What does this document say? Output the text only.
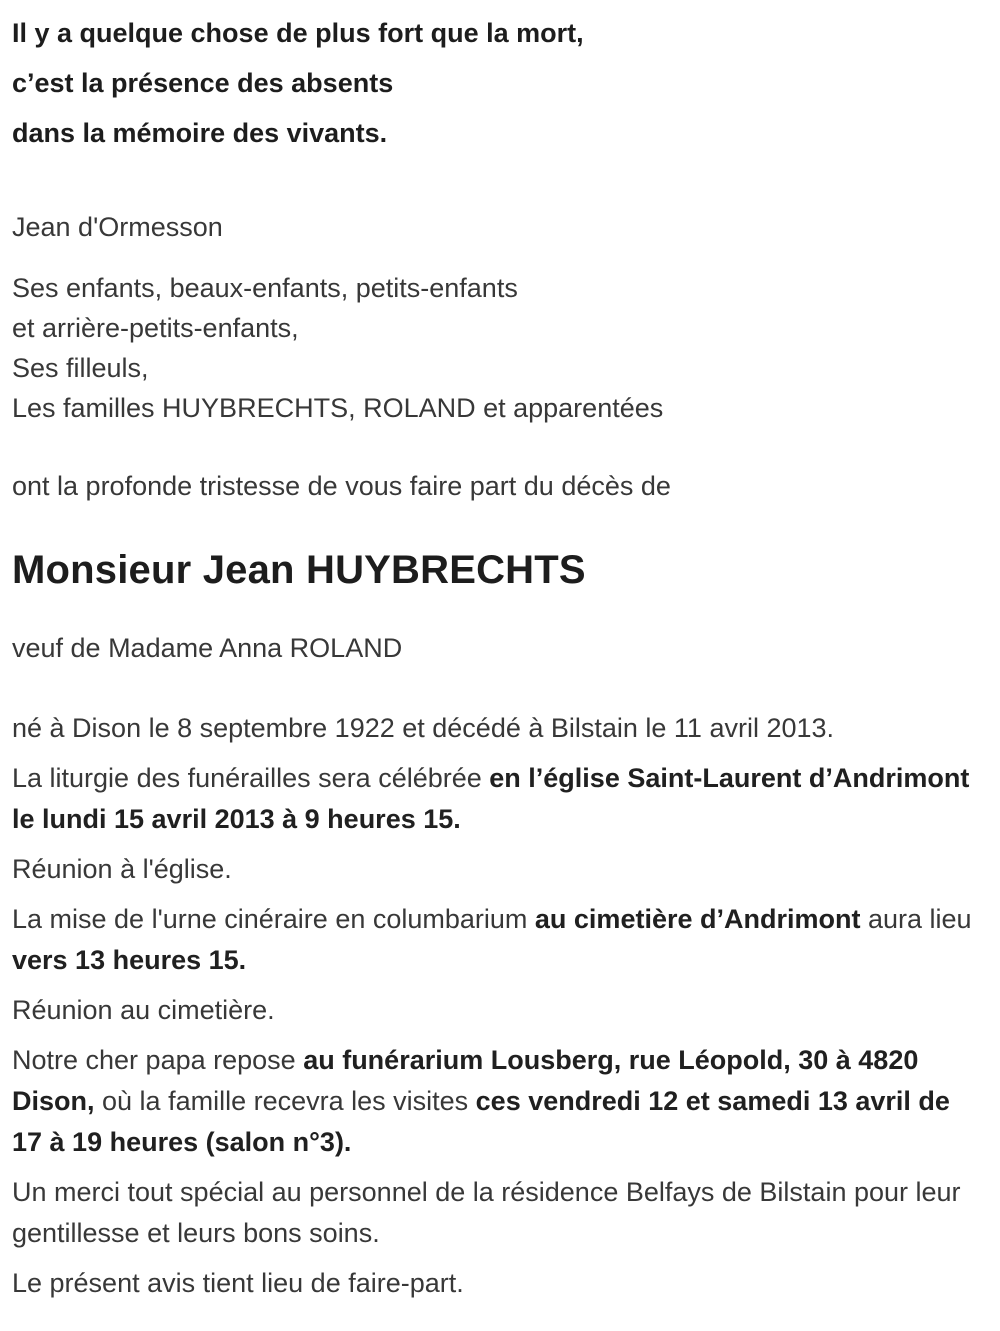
Il y a quelque chose de plus fort que la mort,

c’est la présence des absents

dans la mémoire des vivants.

Jean d'Ormesson

Ses enfants, beaux-enfants, petits-enfants

et arrière-petits-enfants,

Ses filleuls,

Les familles HUYBRECHTS, ROLAND et apparentées

ont la profonde tristesse de vous faire part du décès de

Monsieur Jean HUYBRECHTS

veuf de Madame Anna ROLAND

né à Dison le 8 septembre 1922 et décédé à Bilstain le 11 avril 2013.

La liturgie des funérailles sera célébrée en l’église Saint-Laurent d’Andrimont le lundi 15 avril 2013 à 9 heures 15.

Réunion à l'église.

La mise de l'urne cinéraire en columbarium au cimetière d’Andrimont aura lieu vers 13 heures 15.

Réunion au cimetière.

Notre cher papa repose au funérarium Lousberg, rue Léopold, 30 à 4820 Dison, où la famille recevra les visites ces vendredi 12 et samedi 13 avril de 17 à 19 heures (salon n°3).

Un merci tout spécial au personnel de la résidence Belfays de Bilstain pour leur gentillesse et leurs bons soins.

Le présent avis tient lieu de faire-part.
